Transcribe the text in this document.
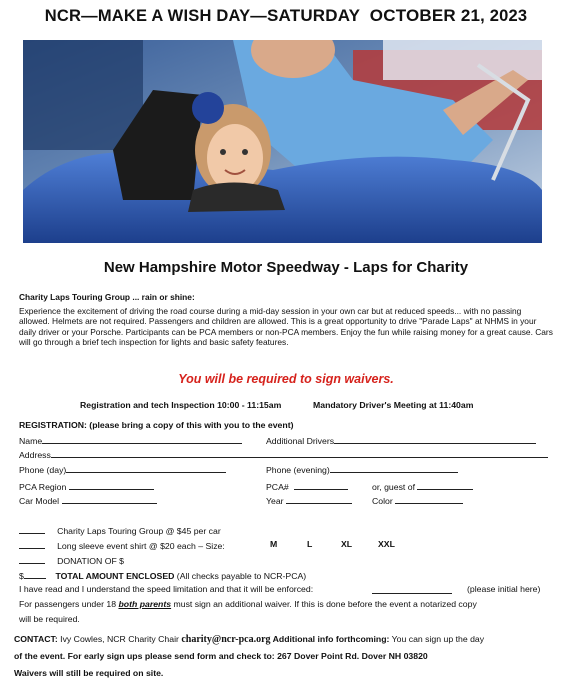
NCR—MAKE A WISH DAY—SATURDAY OCTOBER 21, 2023
New Hampshire Motor Speedway - Laps for Charity
Charity Laps Touring Group ... rain or shine:
Experience the excitement of driving the road course during a mid-day session in your own car but at reduced speeds... with no passing allowed. Helmets are not required. Passengers and children are allowed. This is a great opportunity to drive "Parade Laps" at NHMS in your daily driver or your Porsche. Participants can be PCA members or non-PCA members. Enjoy the fun while raising money for a great cause. Cars will go through a brief tech inspection for lights and basic safety features.
You will be required to sign waivers.
Registration and tech Inspection 10:00 - 11:15am	Mandatory Driver's Meeting at 11:40am
REGISTRATION: (please bring a copy of this with you to the event)
Name	Additional Drivers
Address
Phone (day)	Phone (evening)
PCA Region	PCA#	or, guest of
Car Model	Year	Color
Charity Laps Touring Group @ $45 per car
Long sleeve event shirt @ $20 each – Size:	M	L	XL	XXL
DONATION OF $
$	TOTAL AMOUNT ENCLOSED (All checks payable to NCR-PCA)
I have read and I understand the speed limitation and that it will be enforced:	(please initial here)
For passengers under 18 both parents must sign an additional waiver. If this is done before the event a notarized copy
will be required.
CONTACT: Ivy Cowles, NCR Charity Chair charity@ncr-pca.org Additional info forthcoming: You can sign up the day
of the event. For early sign ups please send form and check to: 267 Dover Point Rd. Dover NH 03820
Waivers will still be required on site.
